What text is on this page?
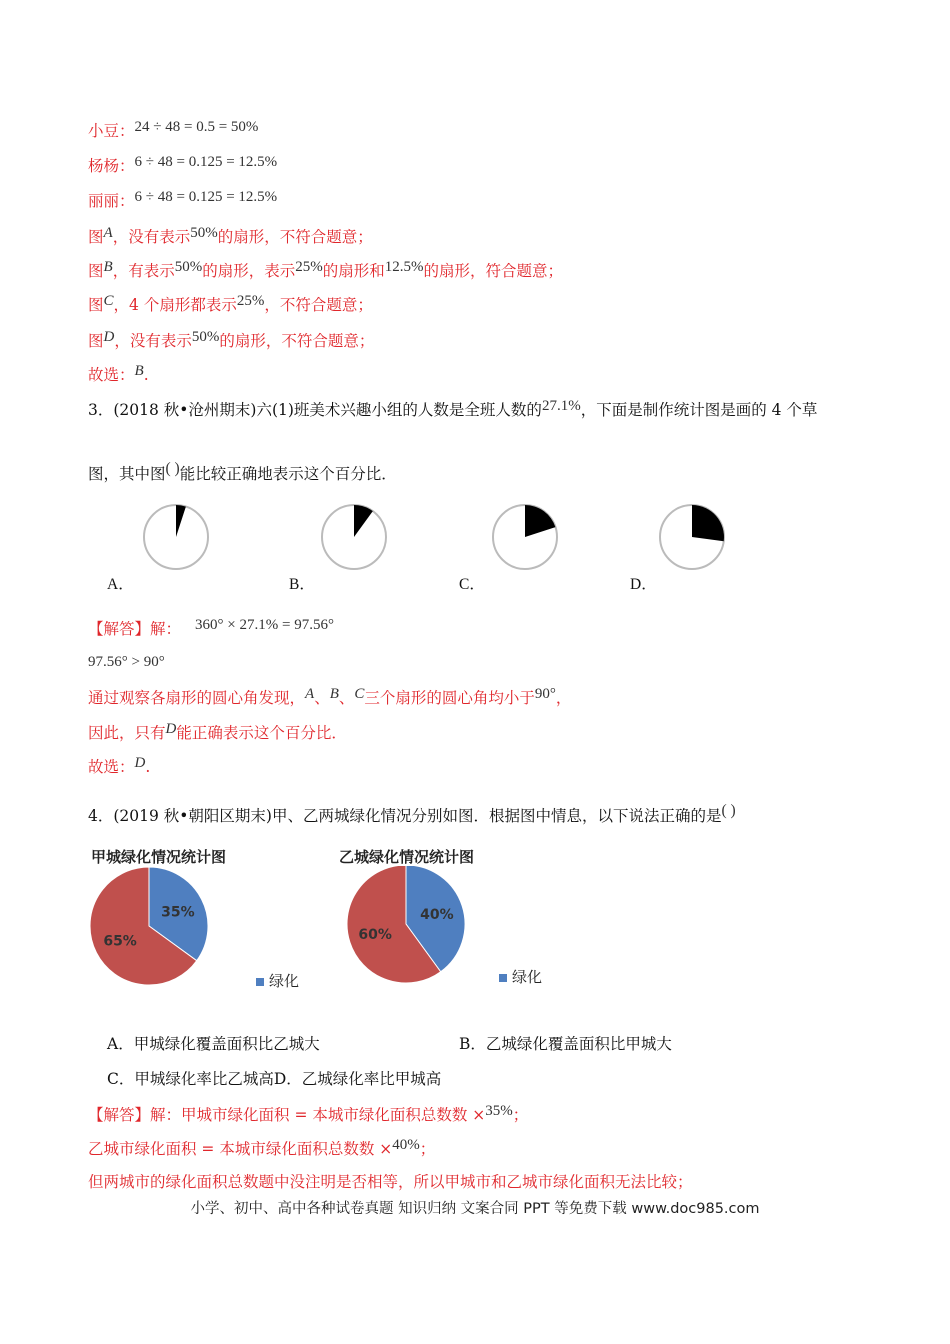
小豆：24 ÷ 48 = 0.5 = 50%
杨杨：6 ÷ 48 = 0.125 = 12.5%
丽丽：6 ÷ 48 = 0.125 = 12.5%
图A，没有表示50%的扇形，不符合题意；
图B，有表示50%的扇形，表示25%的扇形和12.5%的扇形，符合题意；
图C，4 个扇形都表示25%，不符合题意；
图D，没有表示50%的扇形，不符合题意；
故选：B.
3．(2018 秋•沧州期末)六(1)班美术兴趣小组的人数是全班人数的27.1%，下面是制作统计图是画的 4 个草
图，其中图( )能比较正确地表示这个百分比．
A．	B．	C．	D．
【解答】解： 360° × 27.1% = 97.56°
97.56° > 90°
通过观察各扇形的圆心角发现，A、B、C三个扇形的圆心角均小于90°，
因此，只有D能正确表示这个百分比．
故选：D.
4．(2019 秋•朝阳区期末)甲、乙两城绿化情况分别如图．根据图中情息，以下说法正确的是( )
甲城绿化情况统计图	乙城绿化情况统计图
35%
65%
40%
60%
绿化	绿化
A．甲城绿化覆盖面积比乙城大	B．乙城绿化覆盖面积比甲城大
C．甲城绿化率比乙城高D．乙城绿化率比甲城高
【解答】解：甲城市绿化面积 = 本城市绿化面积总数数 ×35%；
乙城市绿化面积 = 本城市绿化面积总数数 ×40%；
但两城市的绿化面积总数题中没注明是否相等，所以甲城市和乙城市绿化面积无法比较；
小学、初中、高中各种试卷真题 知识归纳 文案合同 PPT 等免费下载 www.doc985.com
